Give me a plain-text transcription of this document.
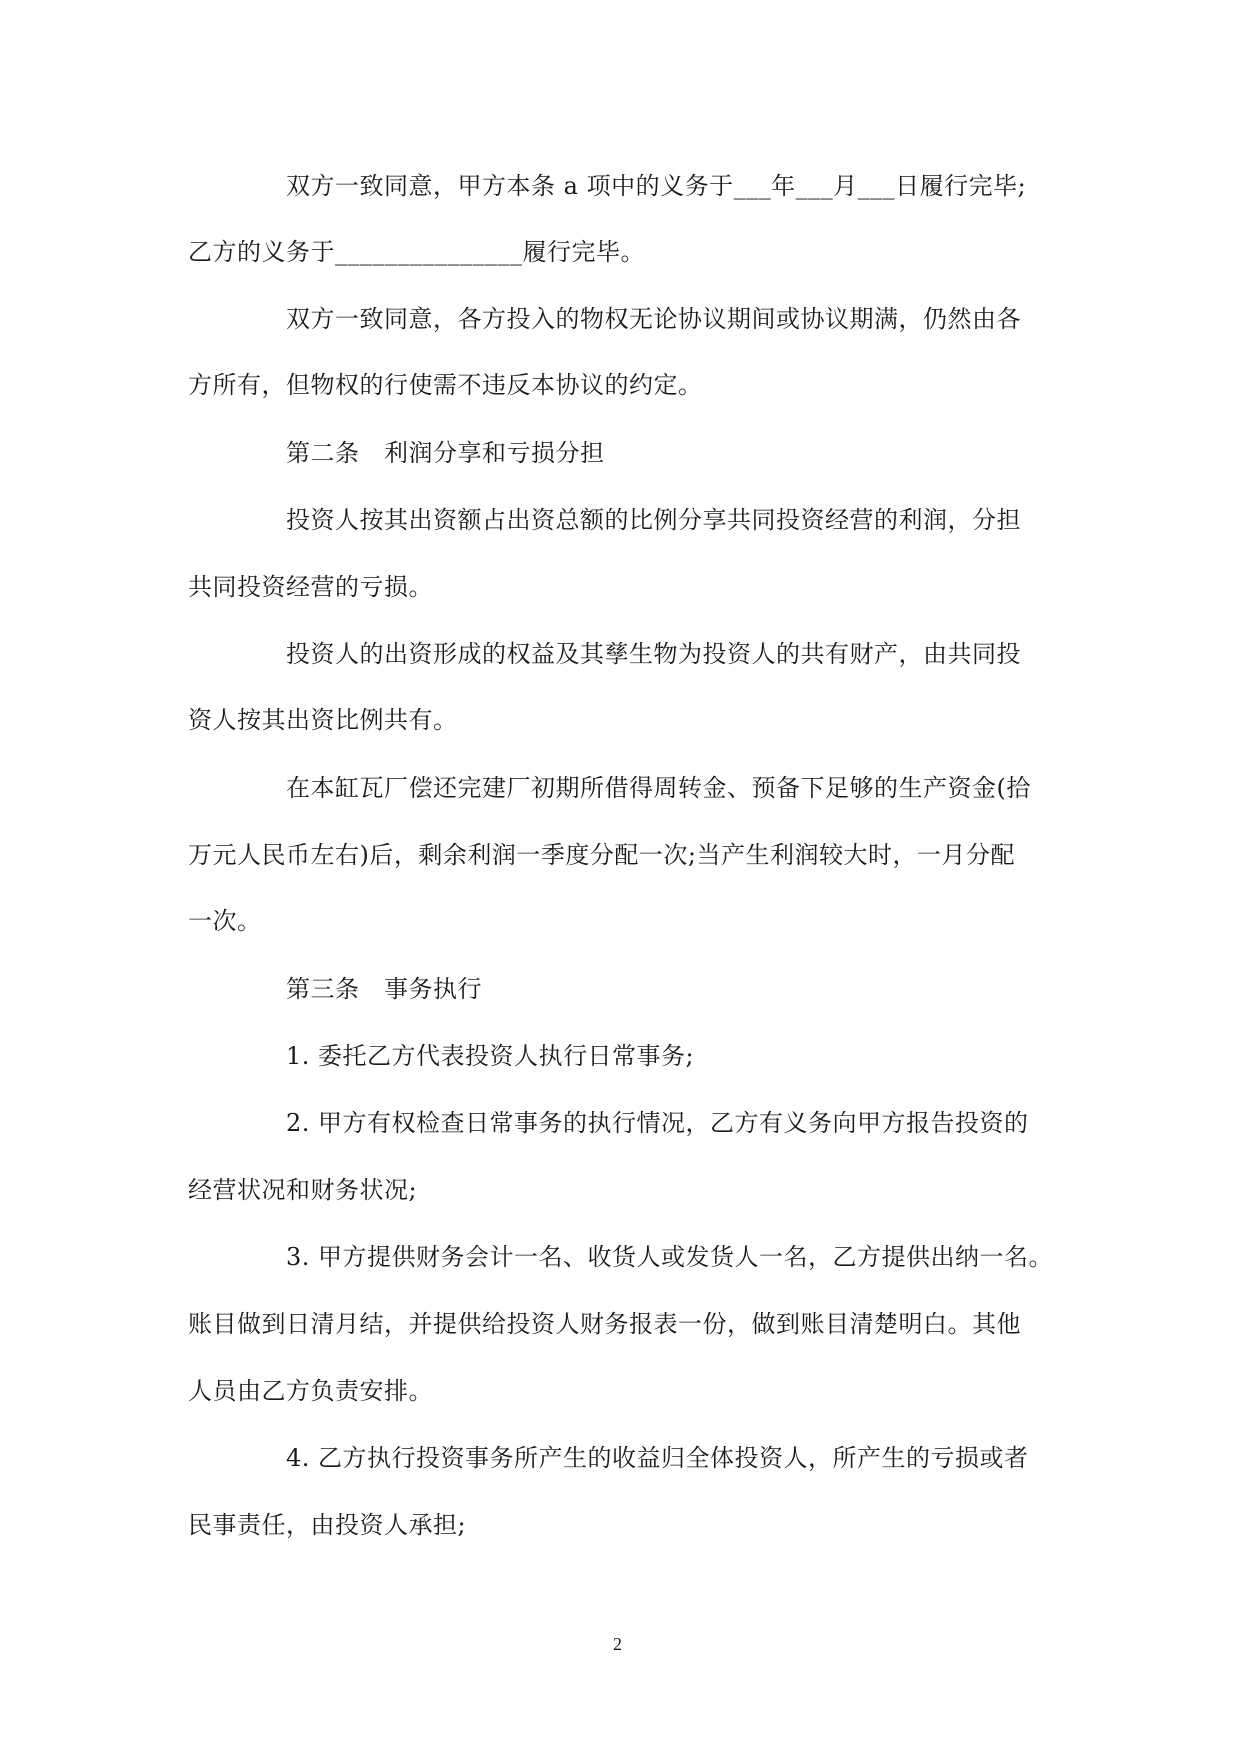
双方一致同意，甲方本条 a 项中的义务于___年___月___日履行完毕;

乙方的义务于_______________履行完毕。

双方一致同意，各方投入的物权无论协议期间或协议期满，仍然由各

方所有，但物权的行使需不违反本协议的约定。

第二条　利润分享和亏损分担

投资人按其出资额占出资总额的比例分享共同投资经营的利润，分担

共同投资经营的亏损。

投资人的出资形成的权益及其孳生物为投资人的共有财产，由共同投

资人按其出资比例共有。

在本缸瓦厂偿还完建厂初期所借得周转金、预备下足够的生产资金(拾

万元人民币左右)后，剩余利润一季度分配一次;当产生利润较大时，一月分配

一次。

第三条　事务执行

1. 委托乙方代表投资人执行日常事务;

2. 甲方有权检查日常事务的执行情况，乙方有义务向甲方报告投资的

经营状况和财务状况;

3. 甲方提供财务会计一名、收货人或发货人一名，乙方提供出纳一名。

账目做到日清月结，并提供给投资人财务报表一份，做到账目清楚明白。其他

人员由乙方负责安排。

4. 乙方执行投资事务所产生的收益归全体投资人，所产生的亏损或者

民事责任，由投资人承担;

2
